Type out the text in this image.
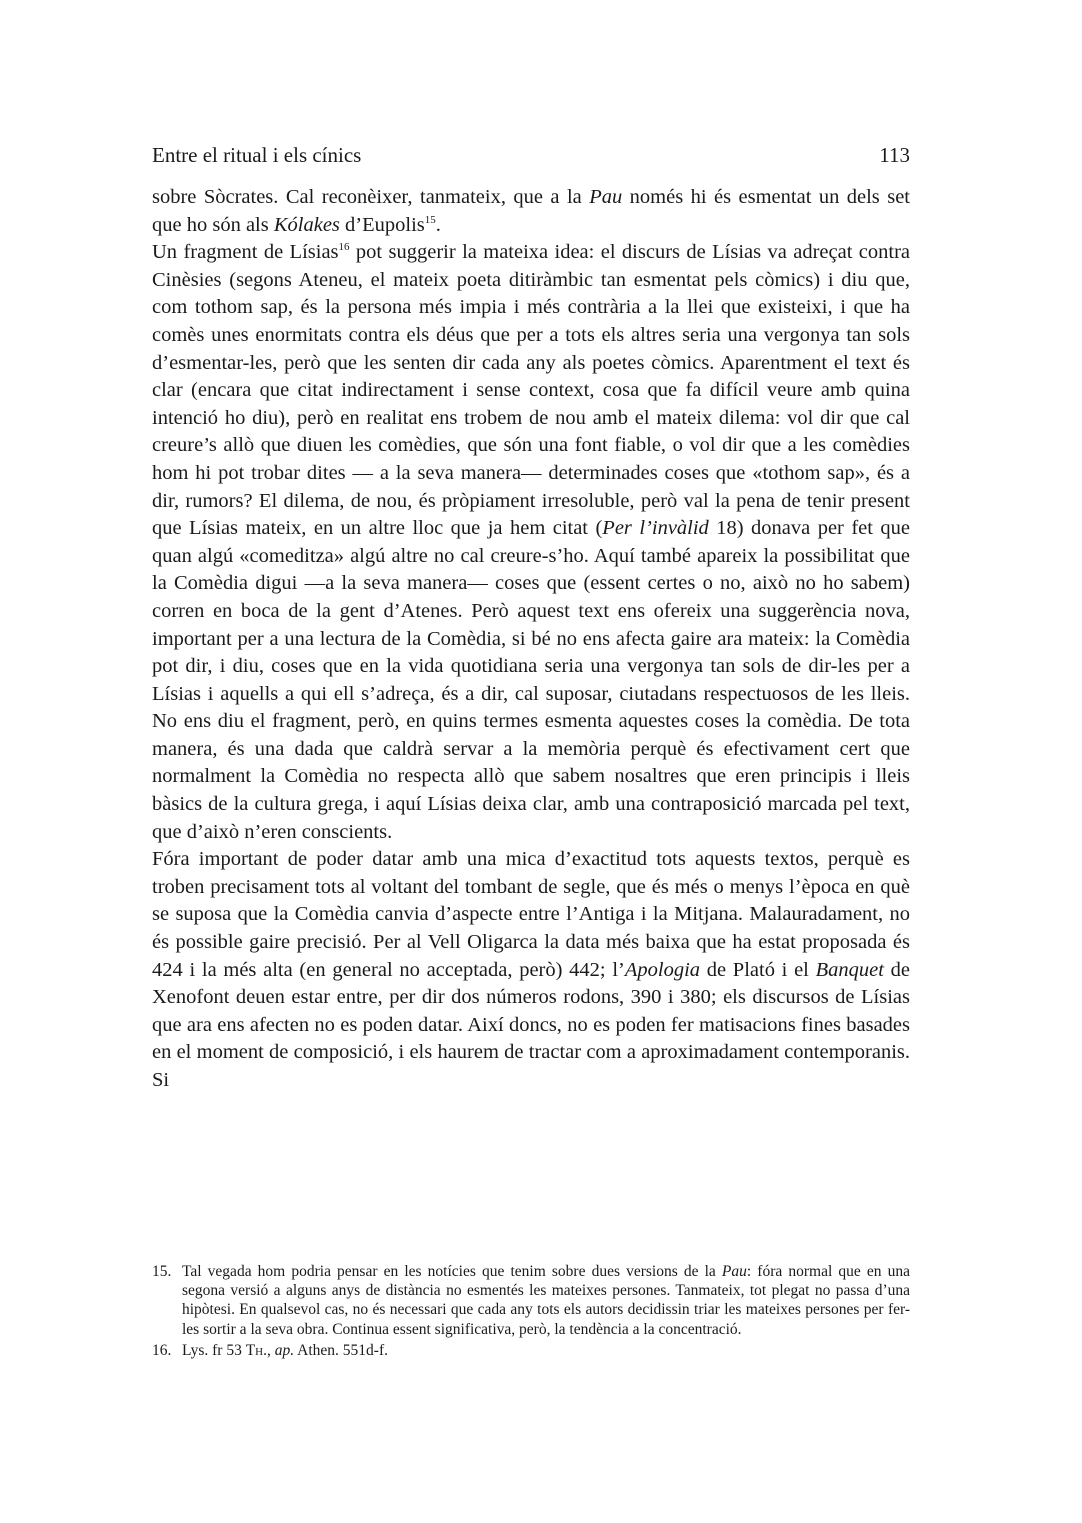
Entre el ritual i els cínics	113

sobre Sòcrates. Cal reconèixer, tanmateix, que a la Pau només hi és esmentat un dels set que ho són als Kólakes d’Eupolis$^{15}$.

Un fragment de Lísias$^{16}$ pot suggerir la mateixa idea: el discurs de Lísias va adreçat contra Cinèsies (segons Ateneu, el mateix poeta ditiràmbic tan esmentat pels còmics) i diu que, com tothom sap, és la persona més impia i més contrària a la llei que existeixi, i que ha comès unes enormitats contra els déus que per a tots els altres seria una vergonya tan sols d’esmentar-les, però que les senten dir cada any als poetes còmics. Aparentment el text és clar (encara que citat indirectament i sense context, cosa que fa difícil veure amb quina intenció ho diu), però en realitat ens trobem de nou amb el mateix dilema: vol dir que cal creure’s allò que diuen les comèdies, que són una font fiable, o vol dir que a les comèdies hom hi pot trobar dites — a la seva manera— determinades coses que «tothom sap», és a dir, rumors? El dilema, de nou, és pròpiament irresoluble, però val la pena de tenir present que Lísias mateix, en un altre lloc que ja hem citat (Per l’invàlid 18) donava per fet que quan algú «comeditza» algú altre no cal creure-s’ho. Aquí també apareix la possibilitat que la Comèdia digui —a la seva manera— coses que (essent certes o no, això no ho sabem) corren en boca de la gent d’Atenes. Però aquest text ens ofereix una suggerència nova, important per a una lectura de la Comèdia, si bé no ens afecta gaire ara mateix: la Comèdia pot dir, i diu, coses que en la vida quotidiana seria una vergonya tan sols de dir-les per a Lísias i aquells a qui ell s’adreça, és a dir, cal suposar, ciutadans respectuosos de les lleis. No ens diu el fragment, però, en quins termes esmenta aquestes coses la comèdia. De tota manera, és una dada que caldrà servar a la memòria perquè és efectivament cert que normalment la Comèdia no respecta allò que sabem nosaltres que eren principis i lleis bàsics de la cultura grega, i aquí Lísias deixa clar, amb una contraposició marcada pel text, que d’això n’eren conscients.

Fóra important de poder datar amb una mica d’exactitud tots aquests textos, perquè es troben precisament tots al voltant del tombant de segle, que és més o menys l’època en què se suposa que la Comèdia canvia d’aspecte entre l’Antiga i la Mitjana. Malauradament, no és possible gaire precisió. Per al Vell Oligarca la data més baixa que ha estat proposada és 424 i la més alta (en general no acceptada, però) 442; l’Apologia de Plató i el Banquet de Xenofont deuen estar entre, per dir dos números rodons, 390 i 380; els discursos de Lísias que ara ens afecten no es poden datar. Així doncs, no es poden fer matisacions fines basades en el moment de composició, i els haurem de tractar com a aproximadament contemporanis. Si

15. Tal vegada hom podria pensar en les notícies que tenim sobre dues versions de la Pau: fóra normal que en una segona versió a alguns anys de distància no esmentés les mateixes persones. Tanmateix, tot plegat no passa d’una hipòtesi. En qualsevol cas, no és necessari que cada any tots els autors decidissin triar les mateixes persones per fer-les sortir a la seva obra. Continua essent significativa, però, la tendència a la concentració.
16. Lys. fr 53 Th., ap. Athen. 551d-f.
